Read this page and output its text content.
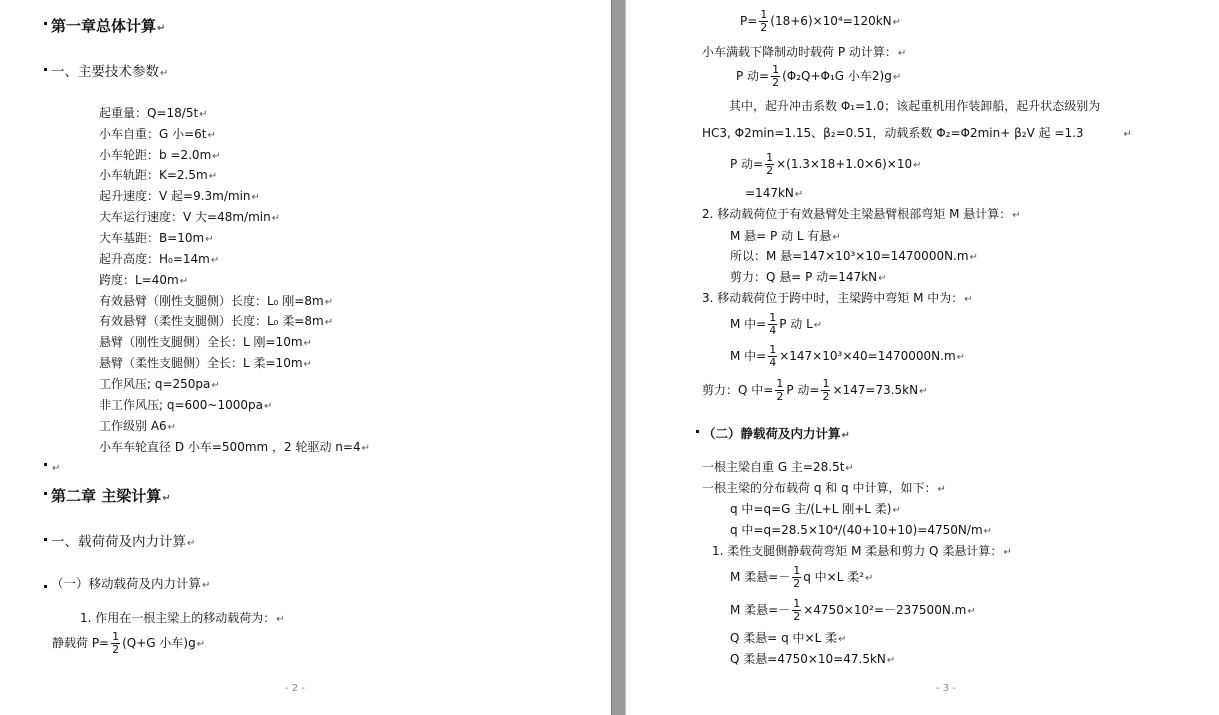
第一章总体计算↵
一、主要技术参数↵
起重量：Q=18/5t↵
小车自重：G 小=6t↵
小车轮距：b =2.0m↵
小车轨距：K=2.5m↵
起升速度：V 起=9.3m/min↵
大车运行速度：V 大=48m/min↵
大车基距：B=10m↵
起升高度：H₀=14m↵
跨度：L=40m↵
有效悬臂（刚性支腿侧）长度：L₀ 刚=8m↵
有效悬臂（柔性支腿侧）长度：L₀ 柔=8m↵
悬臂（刚性支腿侧）全长：L 刚=10m↵
悬臂（柔性支腿侧）全长：L 柔=10m↵
工作风压; q=250pa↵
非工作风压; q=600~1000pa↵
工作级别 A6↵
小车车轮直径 D 小车=500mm ，2 轮驱动 n=4↵
↵
第二章 主梁计算↵
一、载荷荷及内力计算↵
（一）移动载荷及内力计算↵
1. 作用在一根主梁上的移动载荷为：↵
静载荷 $P= \frac{1}{2} (Q+G$ 小车)g↵
- 2 -
$P= \frac{1}{2}$ (18+6)×10⁴=120kN↵
小车满载下降制动时载荷 P 动计算：↵
P 动= $\frac{1}{2} (\Phi_2Q+\Phi_1G$ 小车2)g↵
其中，起升冲击系数 Φ₁=1.0；该起重机用作装卸船，起升状态级别为
HC3, Φ2min=1.15、β₂=0.51，动载系数 Φ₂=Φ2min+ β₂V 起 =1.3	↵
P 动= $\frac{1}{2}$ ×(1.3×18+1.0×6)×10↵
=147kN↵
2. 移动载荷位于有效悬臂处主梁悬臂根部弯矩 M 悬计算：↵
M 悬= P 动 L 有悬↵
所以：M 悬=147×10³×10=1470000N.m↵
剪力：Q 悬= P 动=147kN↵
3. 移动载荷位于跨中时，主梁跨中弯矩 M 中为：↵
M 中= $\frac{1}{4}$ P 动 L↵
M 中= $\frac{1}{4}$ ×147×10³×40=1470000N.m↵
剪力：Q 中= $\frac{1}{2}$ P 动= $\frac{1}{2}$ ×147=73.5kN↵
（二）静载荷及内力计算↵
一根主梁自重 G 主=28.5t↵
一根主梁的分布载荷 q 和 q 中计算，如下：↵
q 中=q=G 主/(L+L 刚+L 柔)↵
q 中=q=28.5×10⁴/(40+10+10)=4750N/m↵
1. 柔性支腿侧静载荷弯矩 M 柔悬和剪力 Q 柔悬计算：↵
M 柔悬=－ $\frac{1}{2}$ q 中×L 柔²↵
M 柔悬=－ $\frac{1}{2}$ ×4750×10²=－237500N.m↵
Q 柔悬= q 中×L 柔↵
Q 柔悬=4750×10=47.5kN↵
- 3 -
